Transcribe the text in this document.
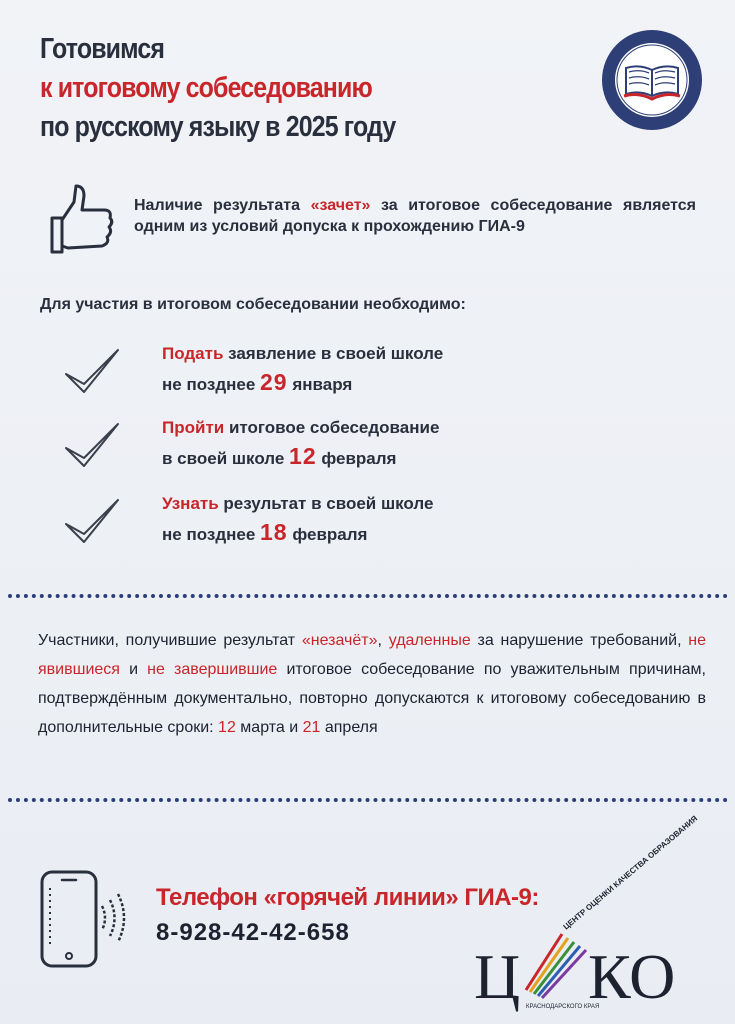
Готовимся
к итоговому собеседованию
по русскому языку в 2025 году
Наличие результата «зачет» за итоговое собеседование является одним из условий допуска к прохождению ГИА-9
Для участия в итоговом собеседовании необходимо:
Подать заявление в своей школе
не позднее 29 января
Пройти итоговое собеседование
в своей школе 12 февраля
Узнать результат в своей школе
не позднее 18 февраля
Участники, получившие результат «незачёт», удаленные за нарушение требований, не явившиеся и не завершившие итоговое собеседование по уважительным причинам, подтверждённым документально, повторно допускаются к итоговому собеседованию в дополнительные сроки: 12 марта и 21 апреля
Телефон «горячей линии» ГИА-9:
8-928-42-42-658
Ц КО
ЦЕНТР ОЦЕНКИ КАЧЕСТВА ОБРАЗОВАНИЯ
КРАСНОДАРСКОГО КРАЯ
